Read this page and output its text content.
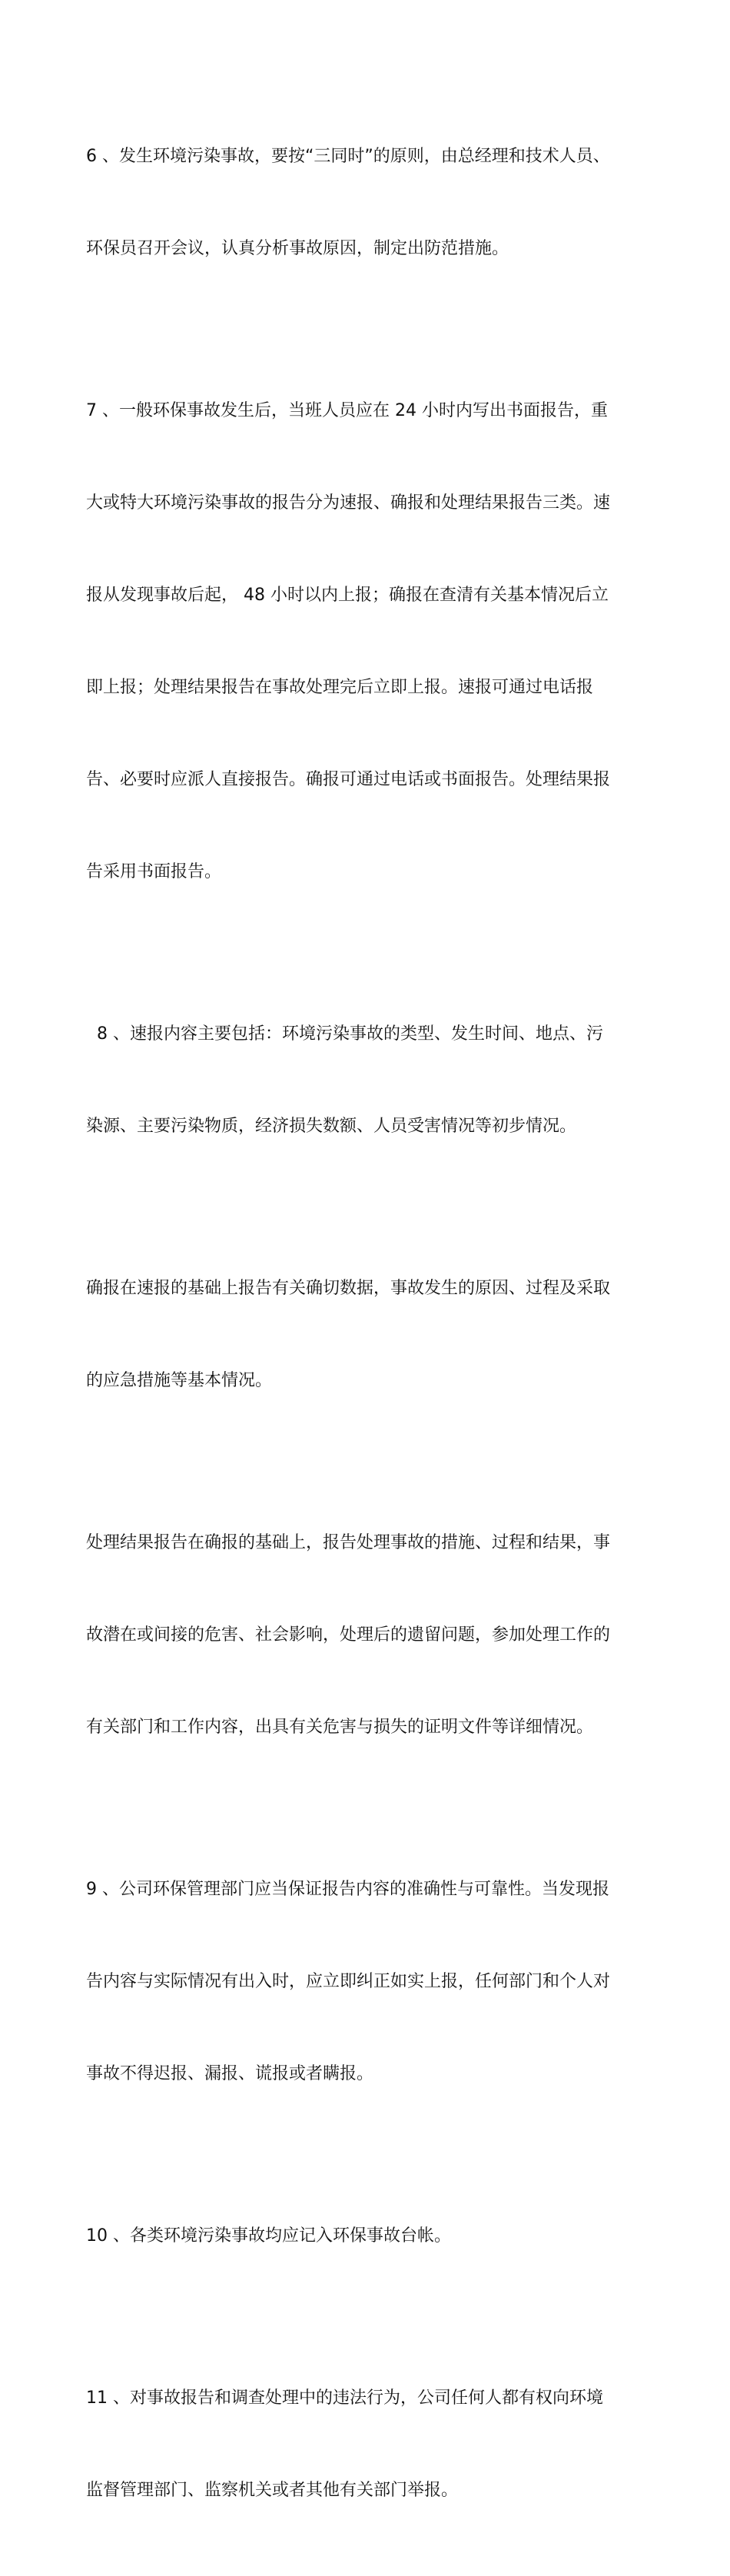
6 、发生环境污染事故，要按“三同时”的原则，由总经理和技术人员、

环保员召开会议，认真分析事故原因，制定出防范措施。

7 、一般环保事故发生后，当班人员应在 24 小时内写出书面报告，重

大或特大环境污染事故的报告分为速报、确报和处理结果报告三类。速

报从发现事故后起， 48 小时以内上报；确报在查清有关基本情况后立

即上报；处理结果报告在事故处理完后立即上报。速报可通过电话报

告、必要时应派人直接报告。确报可通过电话或书面报告。处理结果报

告采用书面报告。

8 、速报内容主要包括：环境污染事故的类型、发生时间、地点、污

染源、主要污染物质，经济损失数额、人员受害情况等初步情况。

确报在速报的基础上报告有关确切数据，事故发生的原因、过程及采取

的应急措施等基本情况。

处理结果报告在确报的基础上，报告处理事故的措施、过程和结果，事

故潜在或间接的危害、社会影响，处理后的遗留问题，参加处理工作的

有关部门和工作内容，出具有关危害与损失的证明文件等详细情况。

9 、公司环保管理部门应当保证报告内容的准确性与可靠性。当发现报

告内容与实际情况有出入时，应立即纠正如实上报，任何部门和个人对

事故不得迟报、漏报、谎报或者瞒报。

10 、各类环境污染事故均应记入环保事故台帐。

11 、对事故报告和调查处理中的违法行为，公司任何人都有权向环境

监督管理部门、监察机关或者其他有关部门举报。
